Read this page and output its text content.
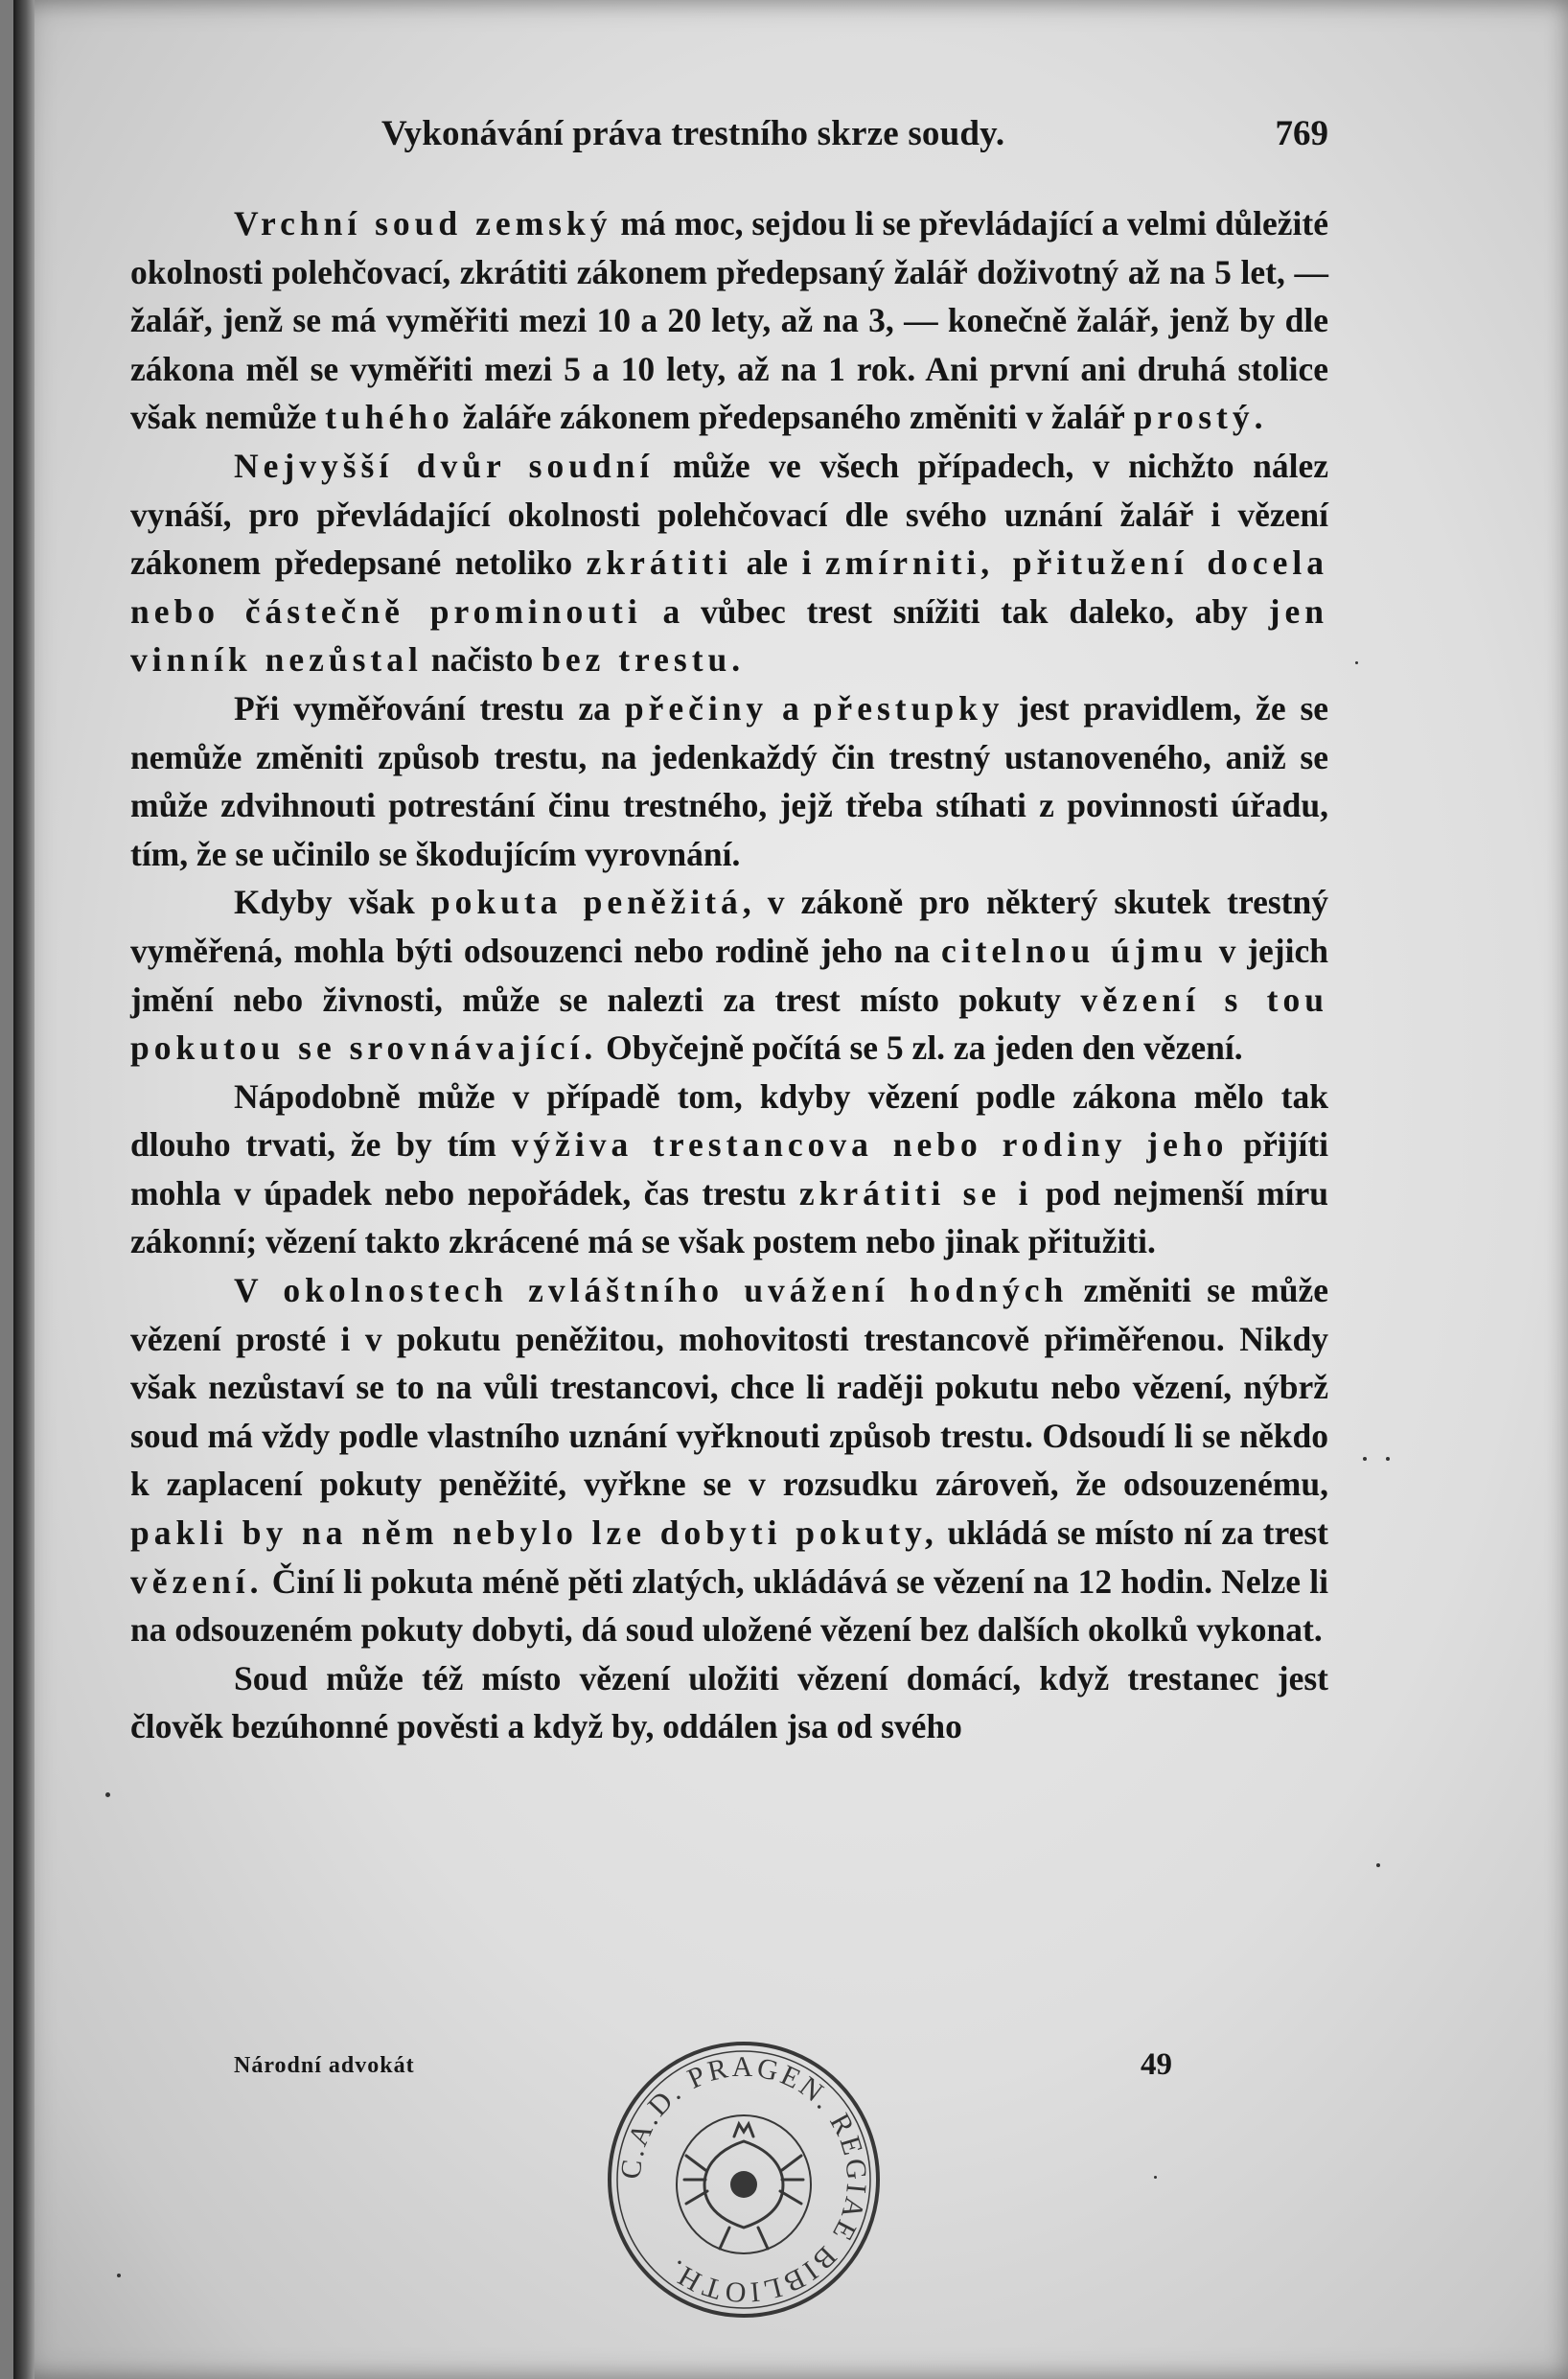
Vykonávání práva trestního skrze soudy.	769

Vrchní soud zemský má moc, sejdou li se převládající a velmi důležité okolnosti polehčovací, zkrátiti zákonem předepsaný žalář doživotný až na 5 let, — žalář, jenž se má vyměřiti mezi 10 a 20 lety, až na 3, — konečně žalář, jenž by dle zákona měl se vyměřiti mezi 5 a 10 lety, až na 1 rok. Ani první ani druhá stolice však nemůže tuhého žaláře zákonem předepsaného změniti v žalář prostý.

Nejvyšší dvůr soudní může ve všech případech, v nichžto nález vynáší, pro převládající okolnosti polehčovací dle svého uznání žalář i vězení zákonem předepsané netoliko zkrátiti ale i zmírniti, přitužení docela nebo částečně prominouti a vůbec trest snížiti tak daleko, aby jen vinník nezůstal načisto bez trestu.

Při vyměřování trestu za přečiny a přestupky jest pravidlem, že se nemůže změniti způsob trestu, na jedenkaždý čin trestný ustanoveného, aniž se může zdvihnouti potrestání činu trestného, jejž třeba stíhati z povinnosti úřadu, tím, že se učinilo se škodujícím vyrovnání.

Kdyby však pokuta peněžitá, v zákoně pro některý skutek trestný vyměřená, mohla býti odsouzenci nebo rodině jeho na citelnou újmu v jejich jmění nebo živnosti, může se nalezti za trest místo pokuty vězení s tou pokutou se srovnávající. Obyčejně počítá se 5 zl. za jeden den vězení.

Nápodobně může v případě tom, kdyby vězení podle zákona mělo tak dlouho trvati, že by tím výživa trestancova nebo rodiny jeho přijíti mohla v úpadek nebo nepořádek, čas trestu zkrátiti se i pod nejmenší míru zákonní; vězení takto zkrácené má se však postem nebo jinak přitužiti.

V okolnostech zvláštního uvážení hodných změniti se může vězení prosté i v pokutu peněžitou, mohovitosti trestancově přiměřenou. Nikdy však nezůstaví se to na vůli trestancovi, chce li raději pokutu nebo vězení, nýbrž soud má vždy podle vlastního uznání vyřknouti způsob trestu. Odsoudí li se někdo k zaplacení pokuty peněžité, vyřkne se v rozsudku zároveň, že odsouzenému, pakli by na něm nebylo lze dobyti pokuty, ukládá se místo ní za trest vězení. Činí li pokuta méně pěti zlatých, ukládává se vězení na 12 hodin. Nelze li na odsouzeném pokuty dobyti, dá soud uložené vězení bez dalších okolků vykonat.

Soud může též místo vězení uložiti vězení domácí, když trestanec jest člověk bezúhonné pověsti a když by, oddálen jsa od svého

Národní advokát	49
C.A.D. PRAGEN. REGIAE BIBLIOTH.
